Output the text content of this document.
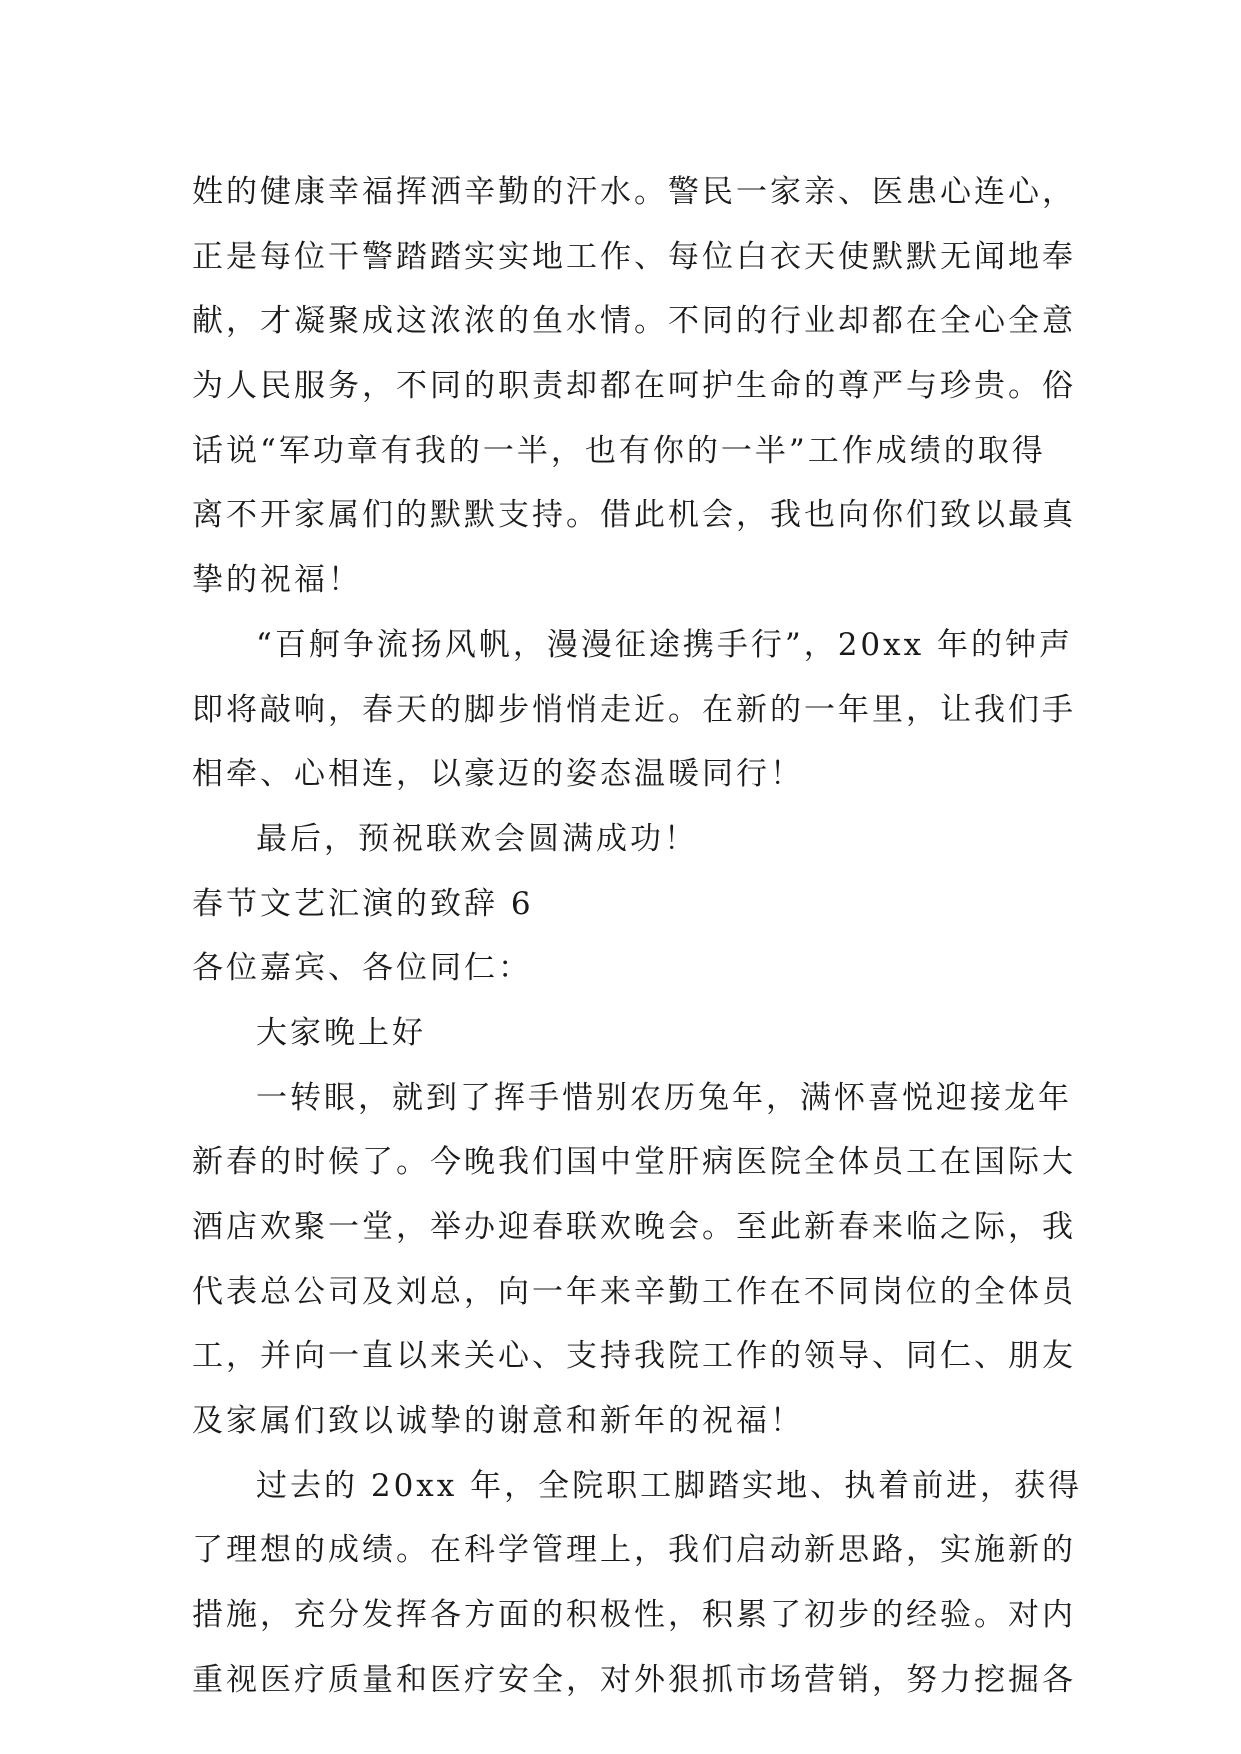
姓的健康幸福挥洒辛勤的汗水。警民一家亲、医患心连心，
正是每位干警踏踏实实地工作、每位白衣天使默默无闻地奉
献，才凝聚成这浓浓的鱼水情。不同的行业却都在全心全意
为人民服务，不同的职责却都在呵护生命的尊严与珍贵。俗
话说“军功章有我的一半，也有你的一半”工作成绩的取得
离不开家属们的默默支持。借此机会，我也向你们致以最真
挚的祝福！
“百舸争流扬风帆，漫漫征途携手行”，20xx 年的钟声
即将敲响，春天的脚步悄悄走近。在新的一年里，让我们手
相牵、心相连，以豪迈的姿态温暖同行！
最后，预祝联欢会圆满成功！
春节文艺汇演的致辞 6
各位嘉宾、各位同仁：
大家晚上好
一转眼，就到了挥手惜别农历兔年，满怀喜悦迎接龙年
新春的时候了。今晚我们国中堂肝病医院全体员工在国际大
酒店欢聚一堂，举办迎春联欢晚会。至此新春来临之际，我
代表总公司及刘总，向一年来辛勤工作在不同岗位的全体员
工，并向一直以来关心、支持我院工作的领导、同仁、朋友
及家属们致以诚挚的谢意和新年的祝福！
过去的 20xx 年，全院职工脚踏实地、执着前进，获得
了理想的成绩。在科学管理上，我们启动新思路，实施新的
措施，充分发挥各方面的积极性，积累了初步的经验。对内
重视医疗质量和医疗安全，对外狠抓市场营销，努力挖掘各
